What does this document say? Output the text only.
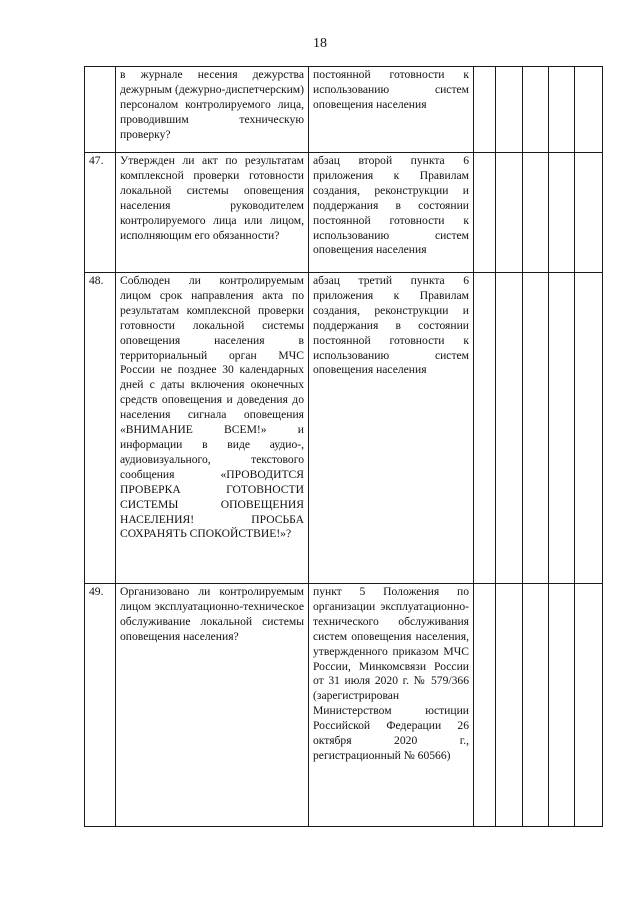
18
	в журнале несения дежурства дежурным (дежурно-диспетчерским) персоналом контролируемого лица, проводившим техническую проверку?	постоянной готовности к использованию систем оповещения населения					
47.	Утвержден ли акт по результатам комплексной проверки готовности локальной системы оповещения населения руководителем контролируемого лица или лицом, исполняющим его обязанности?	абзац второй пункта 6 приложения к Правилам создания, реконструкции и поддержания в состоянии постоянной готовности к использованию систем оповещения населения					
48.	Соблюден ли контролируемым лицом срок направления акта по результатам комплексной проверки готовности локальной системы оповещения населения в территориальный орган МЧС России не позднее 30 календарных дней с даты включения оконечных средств оповещения и доведения до населения сигнала оповещения «ВНИМАНИЕ ВСЕМ!» и информации в виде аудио-, аудиовизуального, текстового сообщения «ПРОВОДИТСЯ ПРОВЕРКА ГОТОВНОСТИ СИСТЕМЫ ОПОВЕЩЕНИЯ НАСЕЛЕНИЯ! ПРОСЬБА СОХРАНЯТЬ СПОКОЙСТВИЕ!»?	абзац третий пункта 6 приложения к Правилам создания, реконструкции и поддержания в состоянии постоянной готовности к использованию систем оповещения населения					
49.	Организовано ли контролируемым лицом эксплуатационно-техническое обслуживание локальной системы оповещения населения?	пункт 5 Положения по организации эксплуатационно-технического обслуживания систем оповещения населения, утвержденного приказом МЧС России, Минкомсвязи России от 31 июля 2020 г. № 579/366 (зарегистрирован Министерством юстиции Российской Федерации 26 октября 2020 г., регистрационный № 60566)					
